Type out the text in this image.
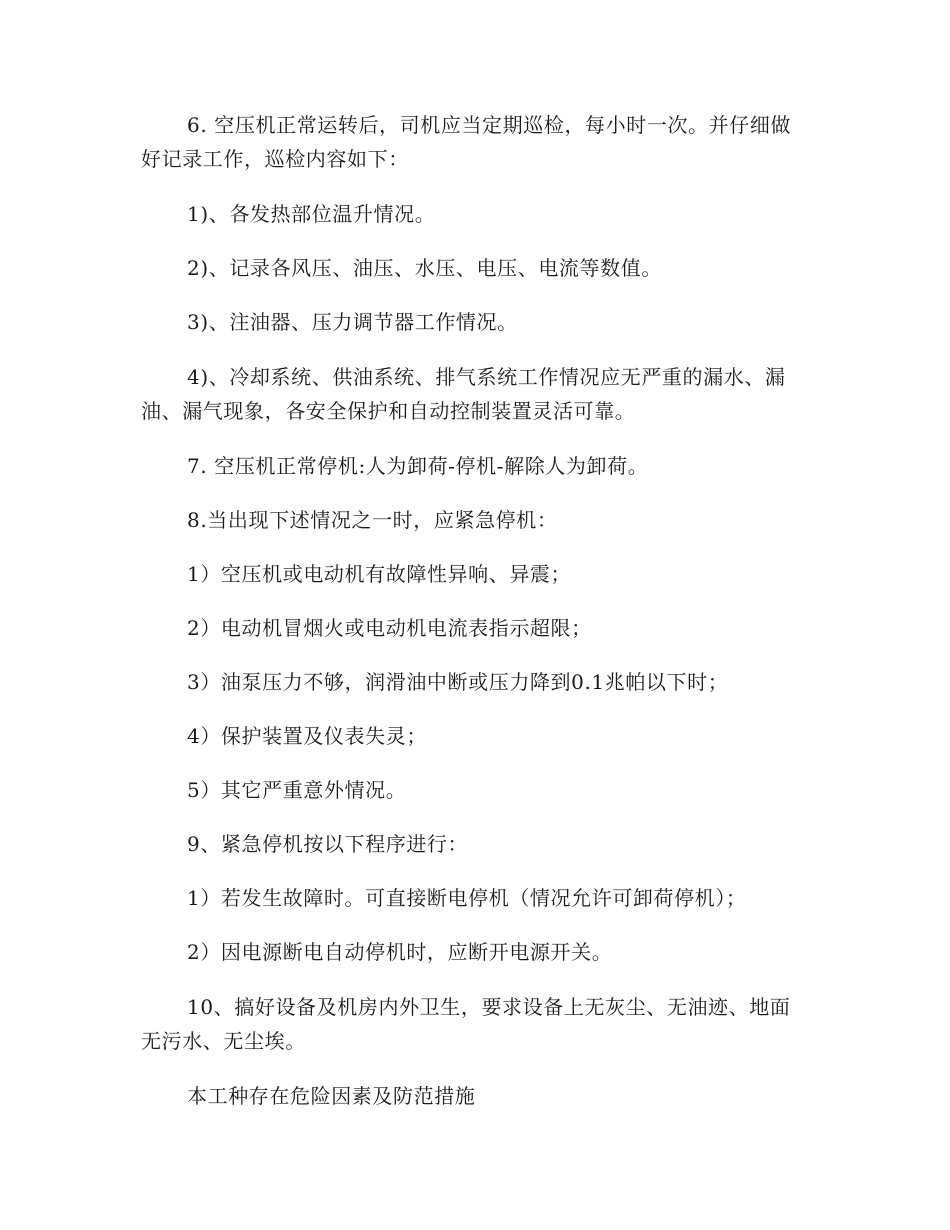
6. 空压机正常运转后，司机应当定期巡检，每小时一次。并仔细做好记录工作，巡检内容如下：

1)、各发热部位温升情况。

2)、记录各风压、油压、水压、电压、电流等数值。

3)、注油器、压力调节器工作情况。

4)、冷却系统、供油系统、排气系统工作情况应无严重的漏水、漏油、漏气现象，各安全保护和自动控制装置灵活可靠。

7. 空压机正常停机:人为卸荷-停机-解除人为卸荷。

8.当出现下述情况之一时，应紧急停机：

1）空压机或电动机有故障性异响、异震；

2）电动机冒烟火或电动机电流表指示超限；

3）油泵压力不够，润滑油中断或压力降到0.1兆帕以下时；

4）保护装置及仪表失灵；

5）其它严重意外情况。

9、紧急停机按以下程序进行：

1）若发生故障时。可直接断电停机（情况允许可卸荷停机）；

2）因电源断电自动停机时，应断开电源开关。

10、搞好设备及机房内外卫生，要求设备上无灰尘、无油迹、地面无污水、无尘埃。

本工种存在危险因素及防范措施
